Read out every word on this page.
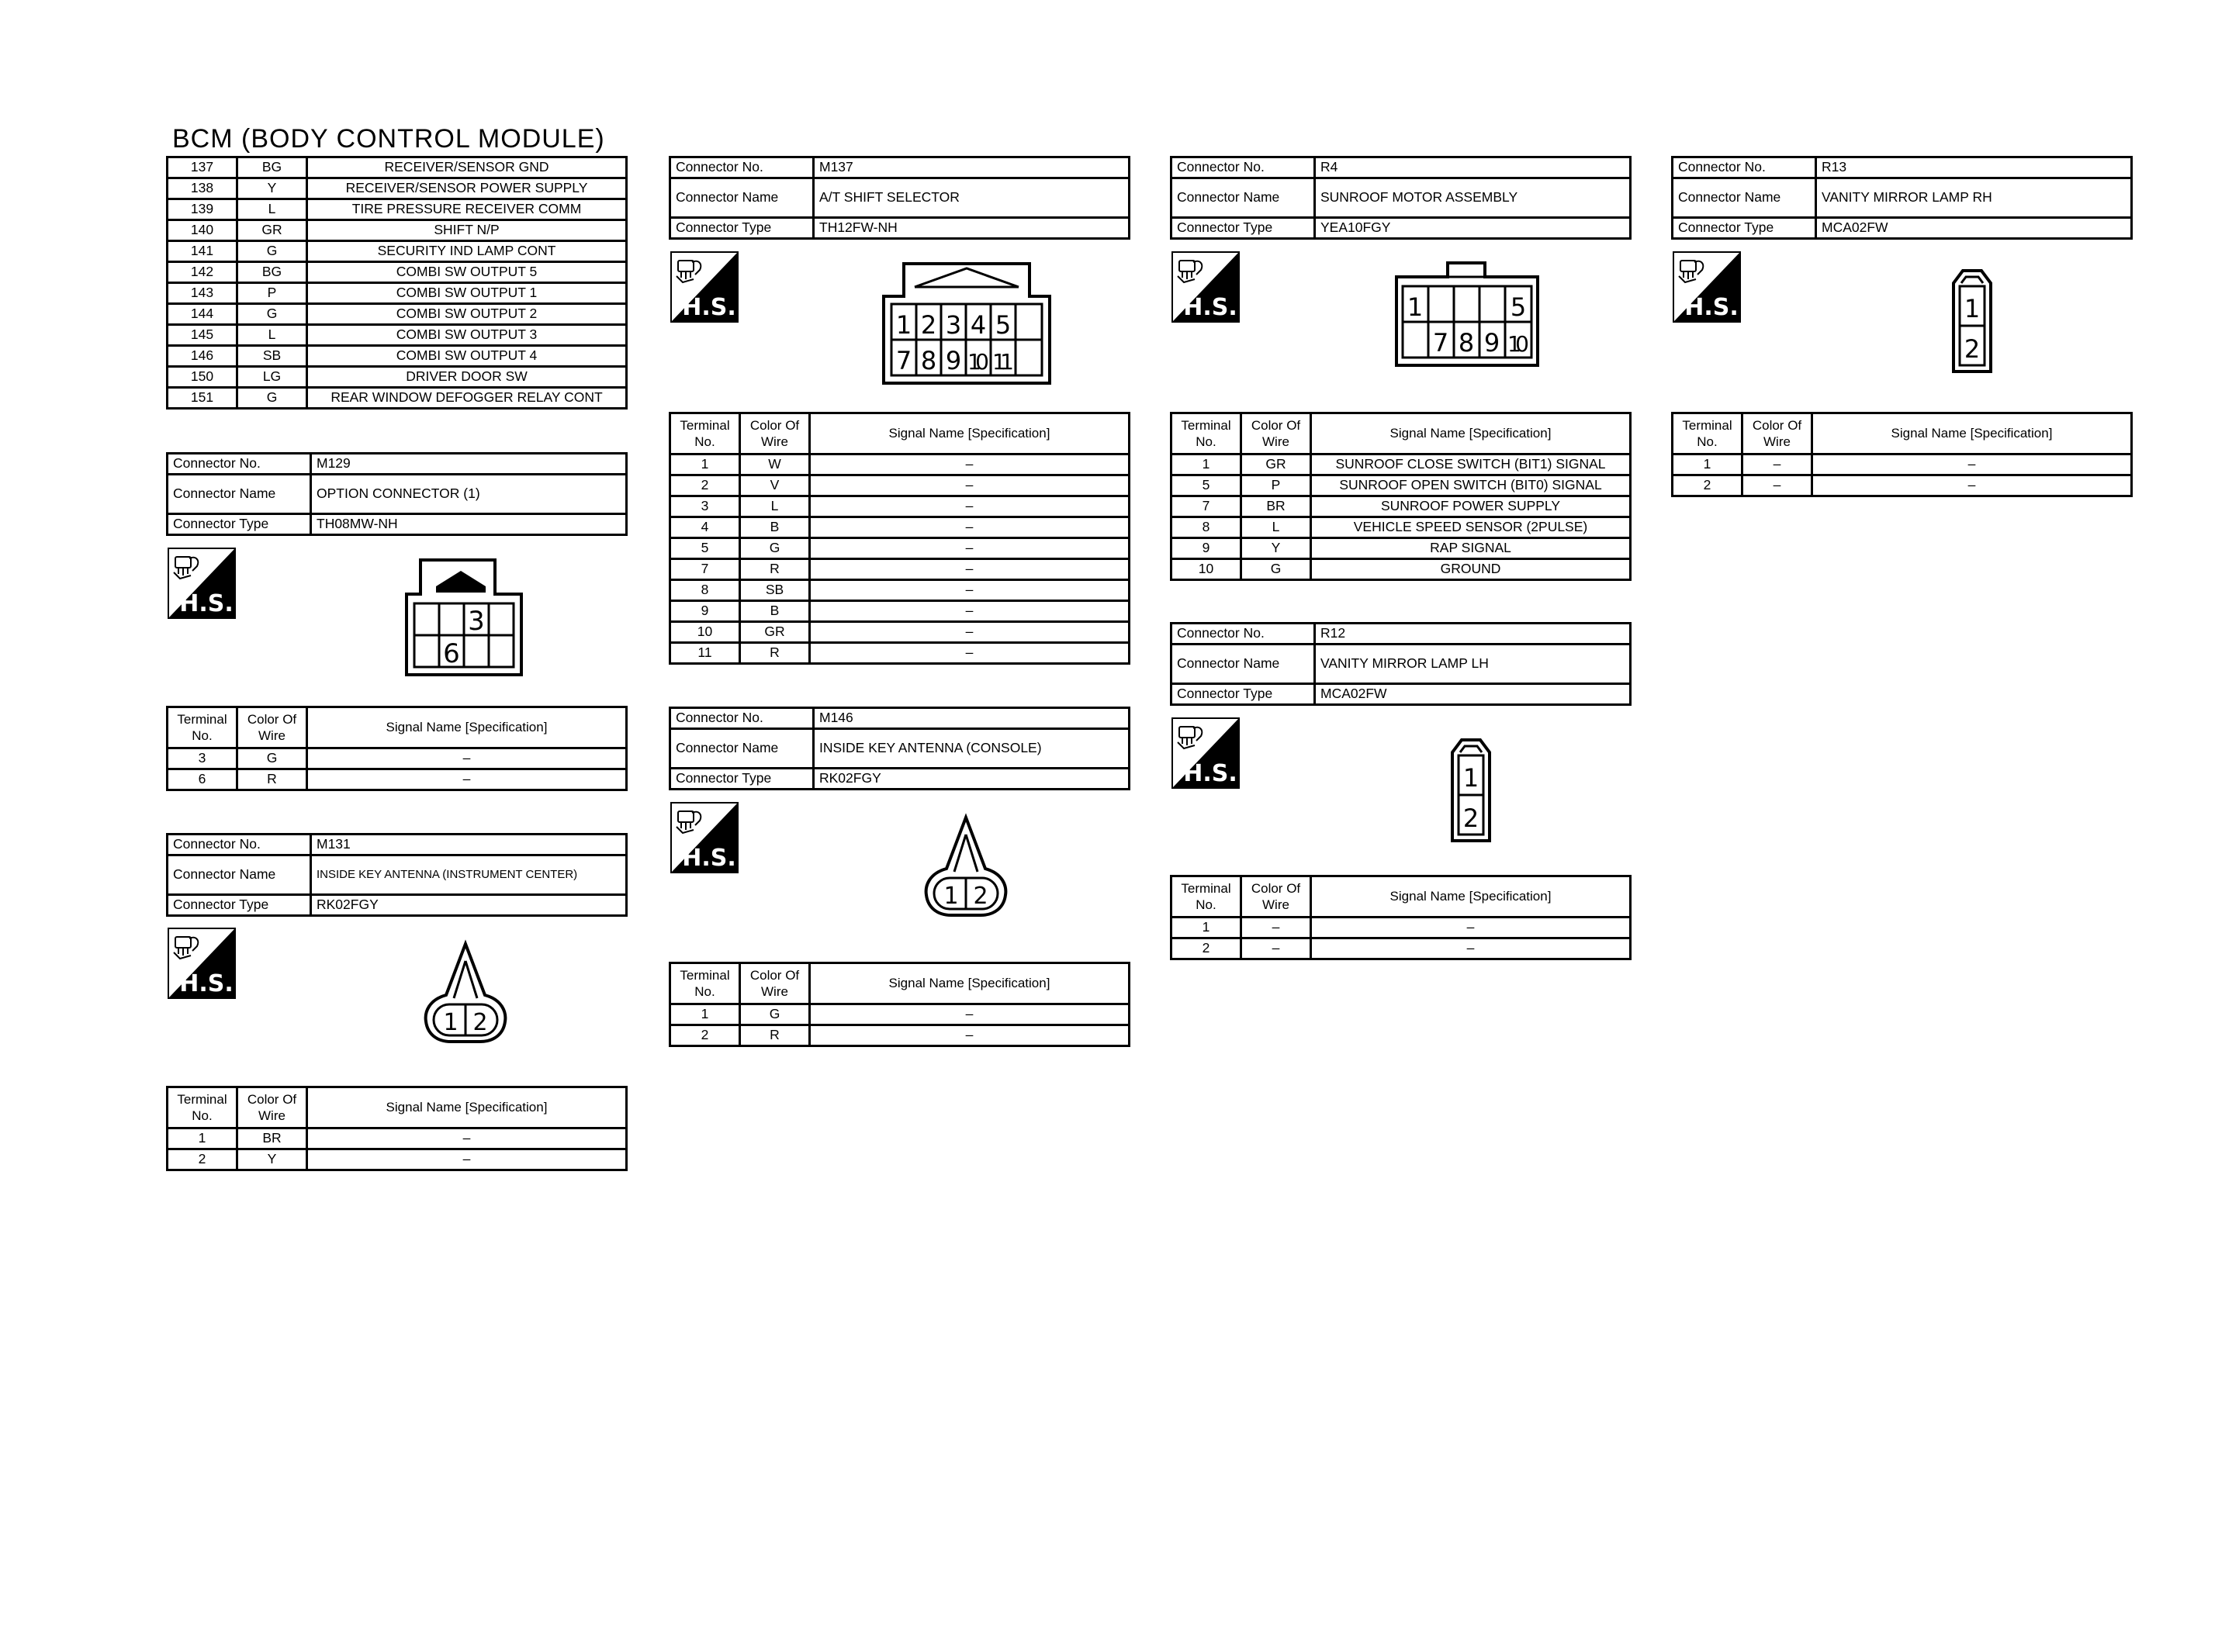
BCM (BODY CONTROL MODULE)
137	BG	RECEIVER/SENSOR GND
138	Y	RECEIVER/SENSOR POWER SUPPLY
139	L	TIRE PRESSURE RECEIVER COMM
140	GR	SHIFT N/P
141	G	SECURITY IND LAMP CONT
142	BG	COMBI SW OUTPUT 5
143	P	COMBI SW OUTPUT 1
144	G	COMBI SW OUTPUT 2
145	L	COMBI SW OUTPUT 3
146	SB	COMBI SW OUTPUT 4
150	LG	DRIVER DOOR SW
151	G	REAR WINDOW DEFOGGER RELAY CONT
Connector No.	M129
Connector Name	OPTION CONNECTOR (1)
Connector Type	TH08MW-NH
H.S.
3
6
Terminal No.	Color Of Wire	Signal Name [Specification]
3	G	–
6	R	–
Connector No.	M131
Connector Name	INSIDE KEY ANTENNA (INSTRUMENT CENTER)
Connector Type	RK02FGY
H.S.
1 2
Terminal No.	Color Of Wire	Signal Name [Specification]
1	BR	–
2	Y	–
Connector No.	M137
Connector Name	A/T SHIFT SELECTOR
Connector Type	TH12FW-NH
H.S.
1 2 3 4 5
7 8 9 10 11
Terminal No.	Color Of Wire	Signal Name [Specification]
1	W	–
2	V	–
3	L	–
4	B	–
5	G	–
7	R	–
8	SB	–
9	B	–
10	GR	–
11	R	–
Connector No.	M146
Connector Name	INSIDE KEY ANTENNA (CONSOLE)
Connector Type	RK02FGY
H.S.
1 2
Terminal No.	Color Of Wire	Signal Name [Specification]
1	G	–
2	R	–
Connector No.	R4
Connector Name	SUNROOF MOTOR ASSEMBLY
Connector Type	YEA10FGY
H.S.	1	5
7 8 9 10
Terminal No.	Color Of Wire	Signal Name [Specification]
1	GR	SUNROOF CLOSE SWITCH (BIT1) SIGNAL
5	P	SUNROOF OPEN SWITCH (BIT0) SIGNAL
7	BR	SUNROOF POWER SUPPLY
8	L	VEHICLE SPEED SENSOR (2PULSE)
9	Y	RAP SIGNAL
10	G	GROUND
Connector No.	R12
Connector Name	VANITY MIRROR LAMP LH
Connector Type	MCA02FW
H.S.	1
2
Terminal No.	Color Of Wire	Signal Name [Specification]
1	–	–
2	–	–
Connector No.	R13
Connector Name	VANITY MIRROR LAMP RH
Connector Type	MCA02FW
H.S.	1
2
Terminal No.	Color Of Wire	Signal Name [Specification]
1	–	–
2	–	–
